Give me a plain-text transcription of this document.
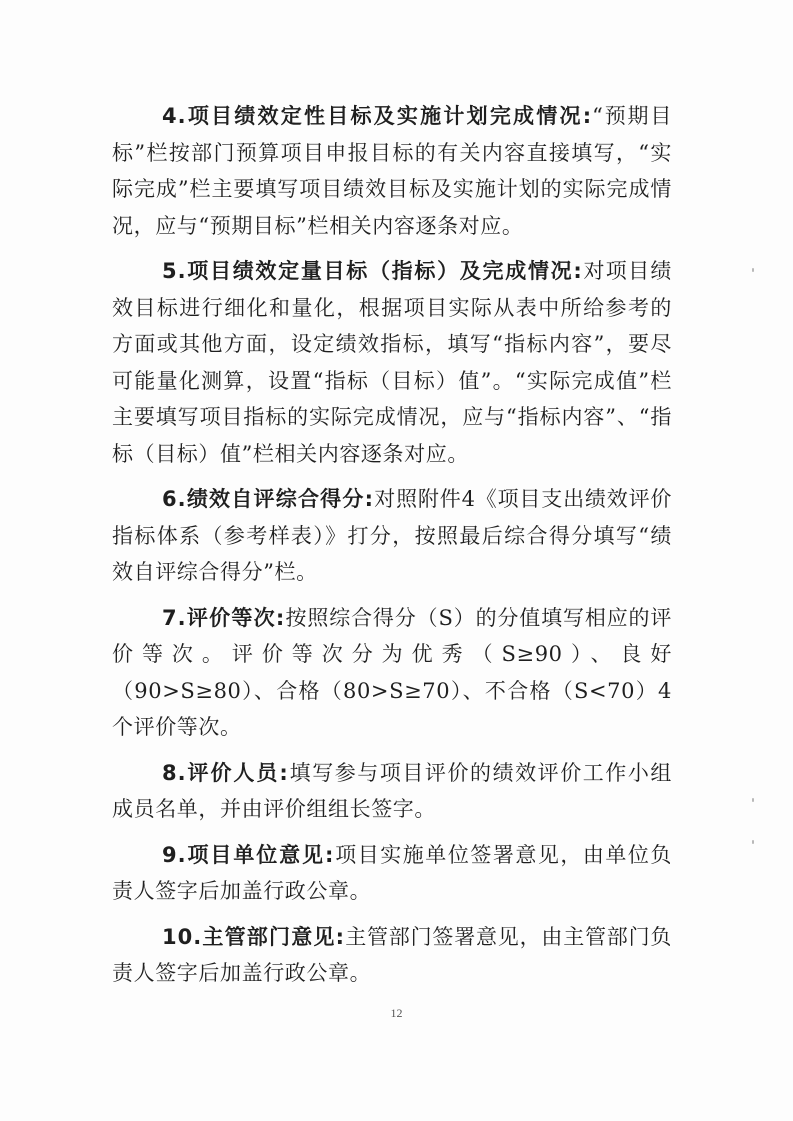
4.项目绩效定性目标及实施计划完成情况:“预期目标”栏按部门预算项目申报目标的有关内容直接填写，“实际完成”栏主要填写项目绩效目标及实施计划的实际完成情况，应与“预期目标”栏相关内容逐条对应。

5.项目绩效定量目标（指标）及完成情况:对项目绩效目标进行细化和量化，根据项目实际从表中所给参考的方面或其他方面，设定绩效指标，填写“指标内容”，要尽可能量化测算，设置“指标（目标）值”。“实际完成值”栏主要填写项目指标的实际完成情况，应与“指标内容”、“指标（目标）值”栏相关内容逐条对应。

6.绩效自评综合得分:对照附件4《项目支出绩效评价指标体系（参考样表）》打分，按照最后综合得分填写“绩效自评综合得分”栏。

7.评价等次:按照综合得分（S）的分值填写相应的评价等次。评价等次分为优秀（S≥90）、良好（90>S≥80）、合格（80>S≥70）、不合格（S<70）4个评价等次。

8.评价人员:填写参与项目评价的绩效评价工作小组成员名单，并由评价组组长签字。

9.项目单位意见:项目实施单位签署意见，由单位负责人签字后加盖行政公章。

10.主管部门意见:主管部门签署意见，由主管部门负责人签字后加盖行政公章。

12
